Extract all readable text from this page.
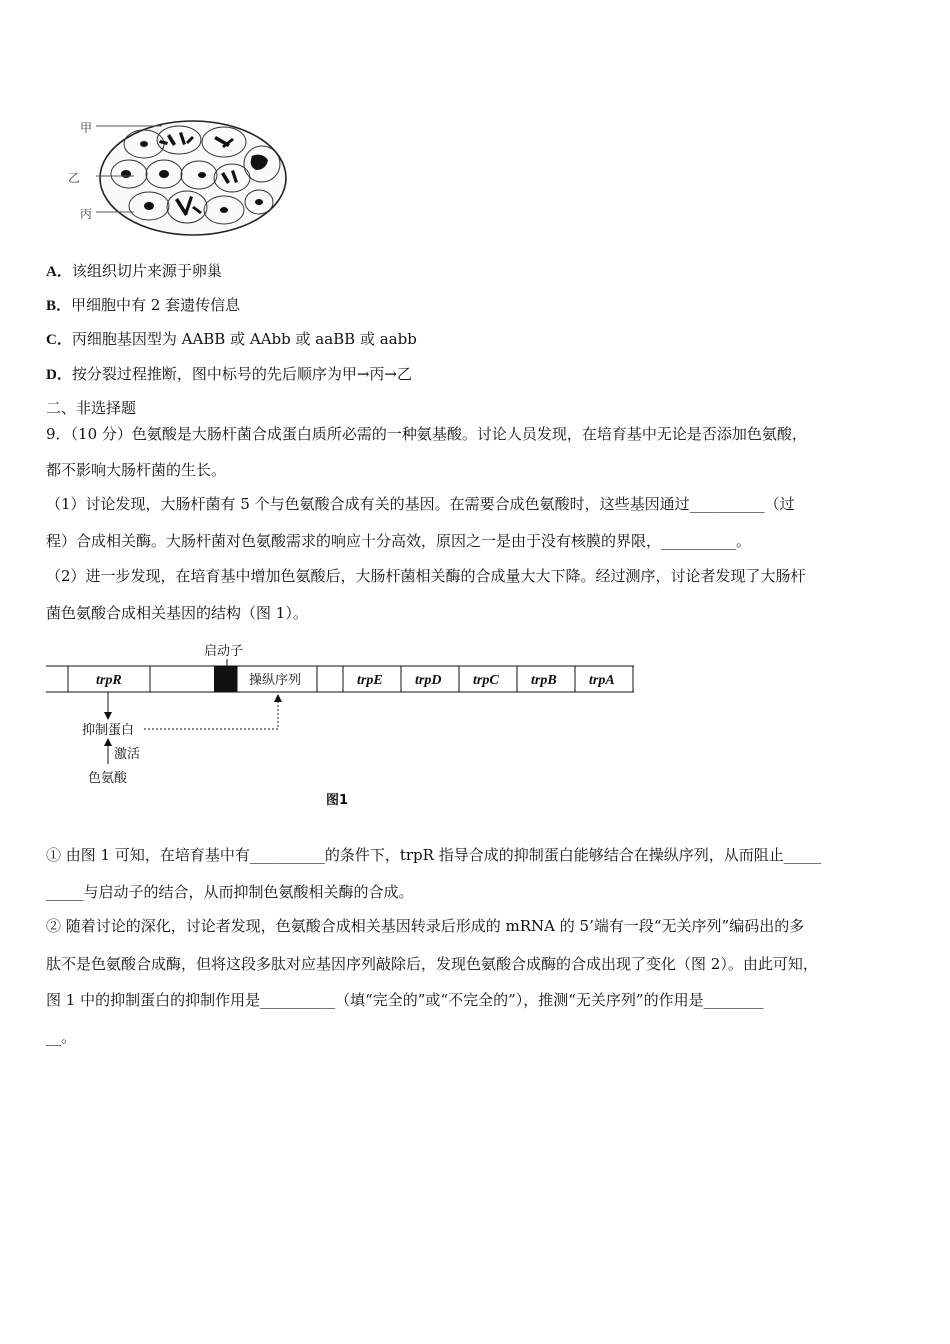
甲
乙
丙
A．该组织切片来源于卵巢
B．甲细胞中有 2 套遗传信息
C．丙细胞基因型为 AABB 或 AAbb 或 aaBB 或 aabb
D．按分裂过程推断，图中标号的先后顺序为甲→丙→乙
二、非选择题
9．（10 分）色氨酸是大肠杆菌合成蛋白质所必需的一种氨基酸。讨论人员发现，在培育基中无论是否添加色氨酸，
都不影响大肠杆菌的生长。
（1）讨论发现，大肠杆菌有 5 个与色氨酸合成有关的基因。在需要合成色氨酸时，这些基因通过__________（过
程）合成相关酶。大肠杆菌对色氨酸需求的响应十分高效，原因之一是由于没有核膜的界限，__________。
（2）进一步发现，在培育基中增加色氨酸后，大肠杆菌相关酶的合成量大大下降。经过测序，讨论者发现了大肠杆
菌色氨酸合成相关基因的结构（图 1）。
启动子
trpR	操纵序列	trpE trpD trpC trpB trpA
抑制蛋白
激活
色氨酸
图1
① 由图 1 可知，在培育基中有__________的条件下，trpR 指导合成的抑制蛋白能够结合在操纵序列，从而阻止_____
_____与启动子的结合，从而抑制色氨酸相关酶的合成。
② 随着讨论的深化，讨论者发现，色氨酸合成相关基因转录后形成的 mRNA 的 5’端有一段“无关序列”编码出的多
肽不是色氨酸合成酶，但将这段多肽对应基因序列敲除后，发现色氨酸合成酶的合成出现了变化（图 2）。由此可知，
图 1 中的抑制蛋白的抑制作用是__________（填“完全的”或“不完全的”），推测“无关序列”的作用是________
__。
